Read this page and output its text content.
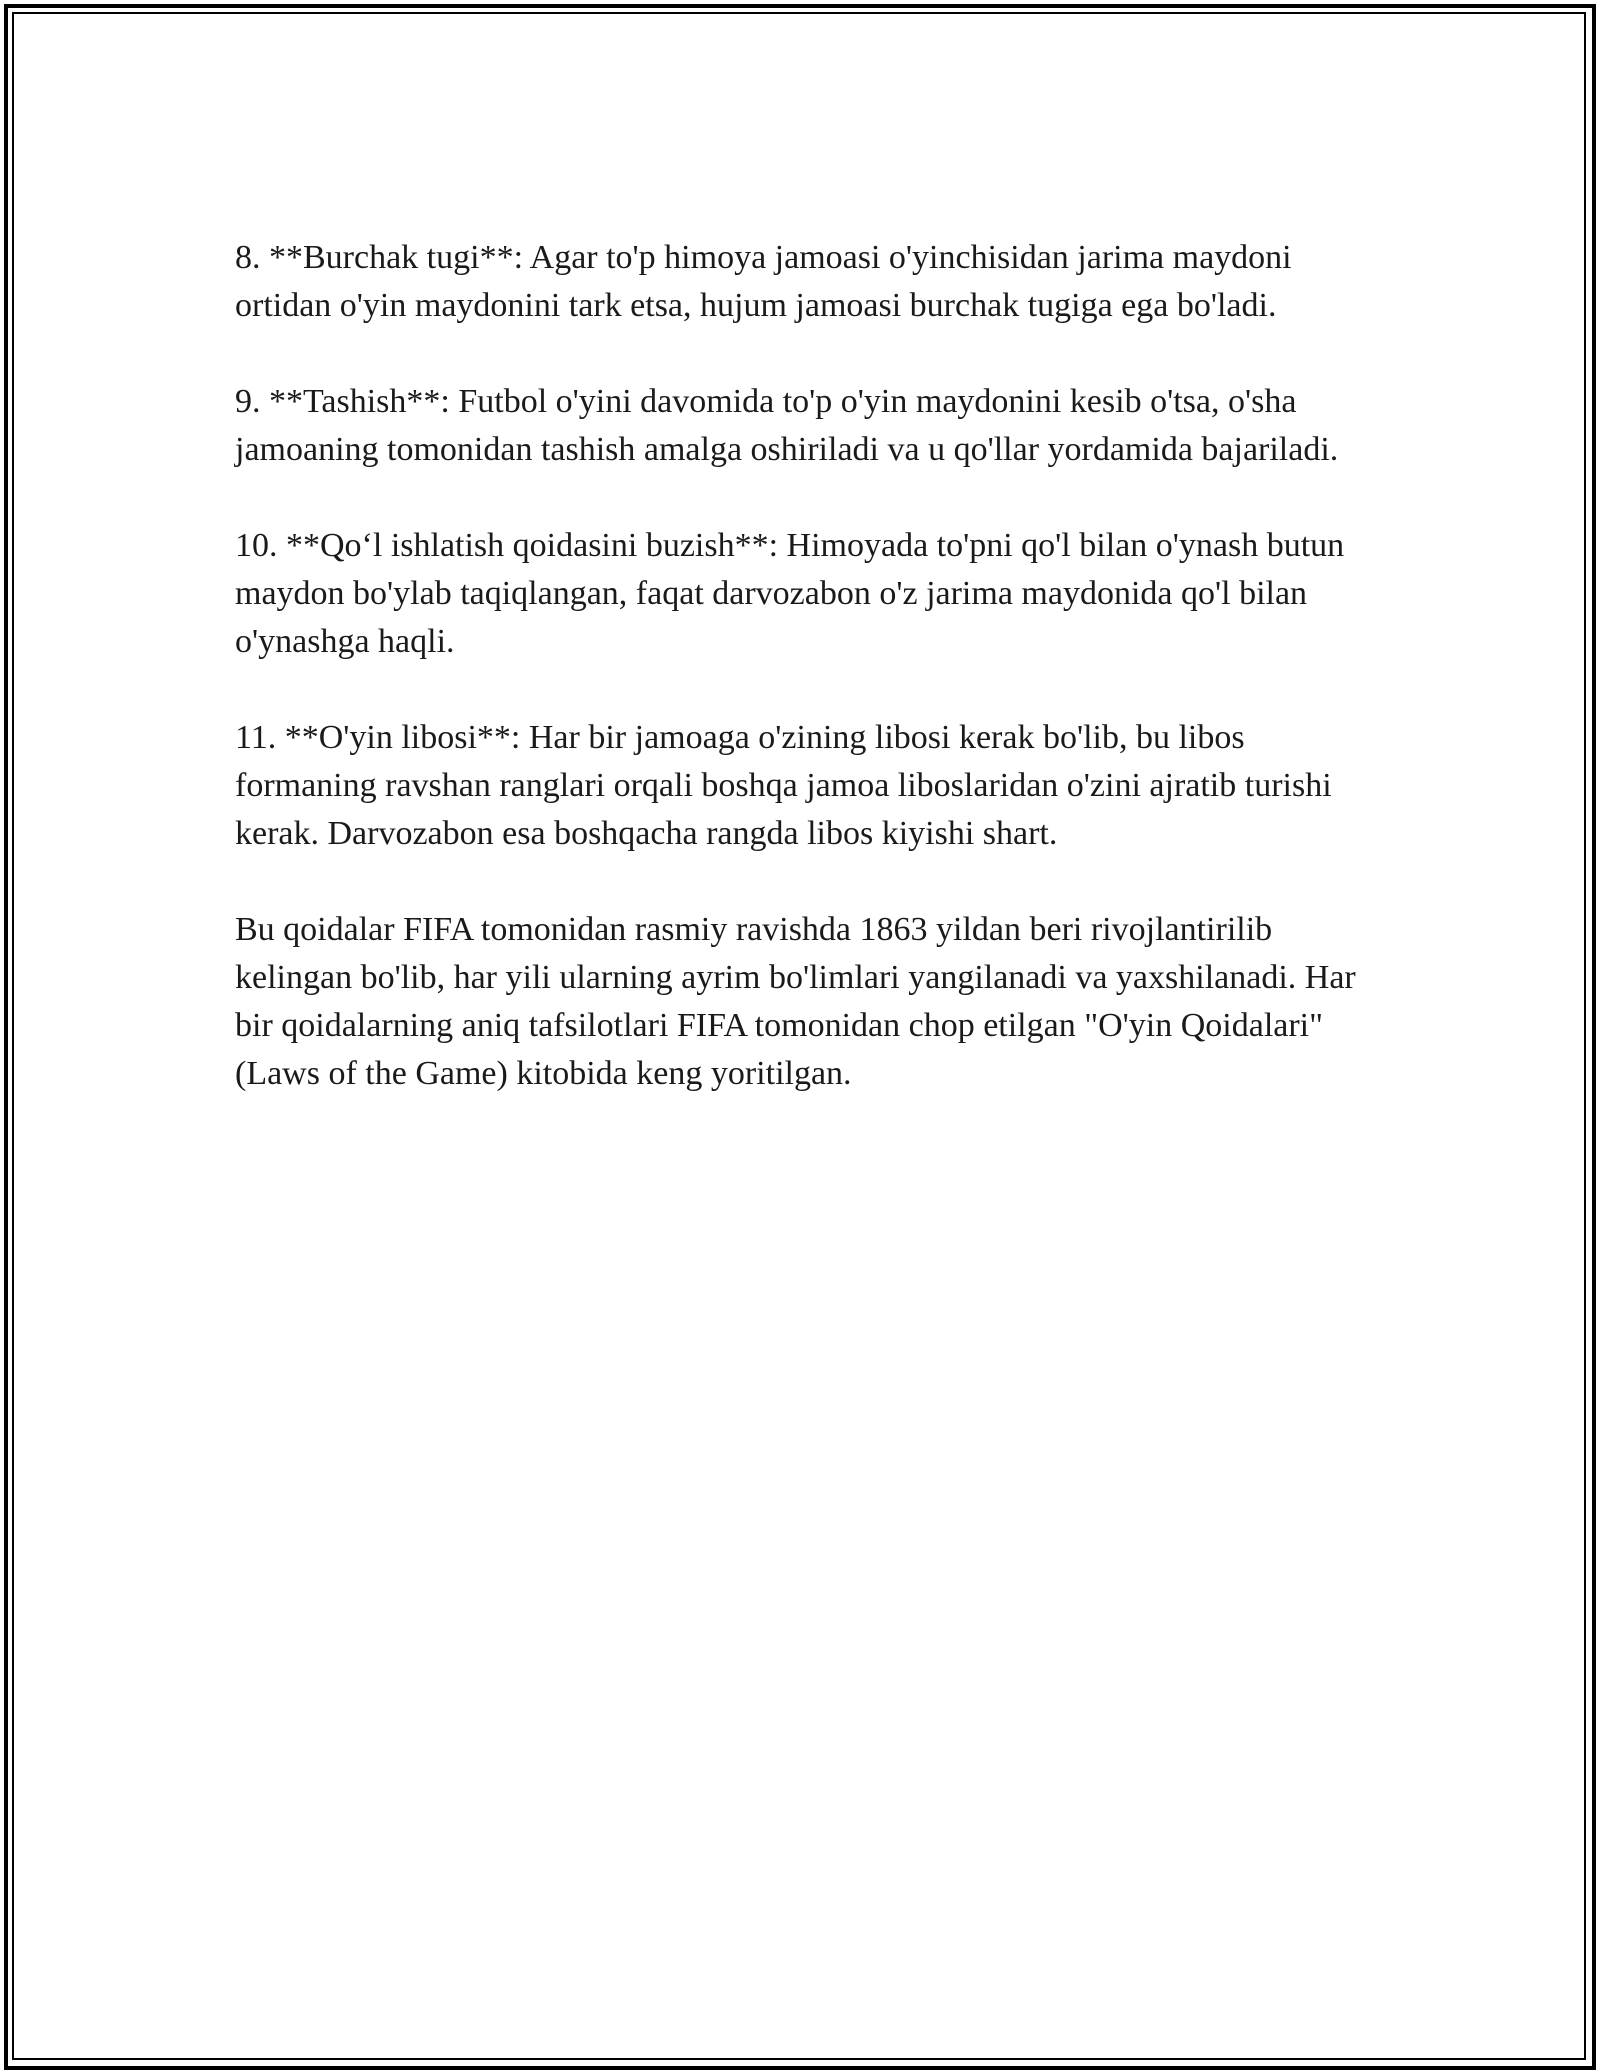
8. **Burchak tugi**: Agar to'p himoya jamoasi o'yinchisidan jarima maydoni ortidan o'yin maydonini tark etsa, hujum jamoasi burchak tugiga ega bo'ladi.

9. **Tashish**: Futbol o'yini davomida to'p o'yin maydonini kesib o'tsa, o'sha jamoaning tomonidan tashish amalga oshiriladi va u qo'llar yordamida bajariladi.

10. **Qo‘l ishlatish qoidasini buzish**: Himoyada to'pni qo'l bilan o'ynash butun maydon bo'ylab taqiqlangan, faqat darvozabon o'z jarima maydonida qo'l bilan o'ynashga haqli.

11. **O'yin libosi**: Har bir jamoaga o'zining libosi kerak bo'lib, bu libos formaning ravshan ranglari orqali boshqa jamoa liboslaridan o'zini ajratib turishi kerak. Darvozabon esa boshqacha rangda libos kiyishi shart.

Bu qoidalar FIFA tomonidan rasmiy ravishda 1863 yildan beri rivojlantirilib kelingan bo'lib, har yili ularning ayrim bo'limlari yangilanadi va yaxshilanadi. Har bir qoidalarning aniq tafsilotlari FIFA tomonidan chop etilgan "O'yin Qoidalari" (Laws of the Game) kitobida keng yoritilgan.
